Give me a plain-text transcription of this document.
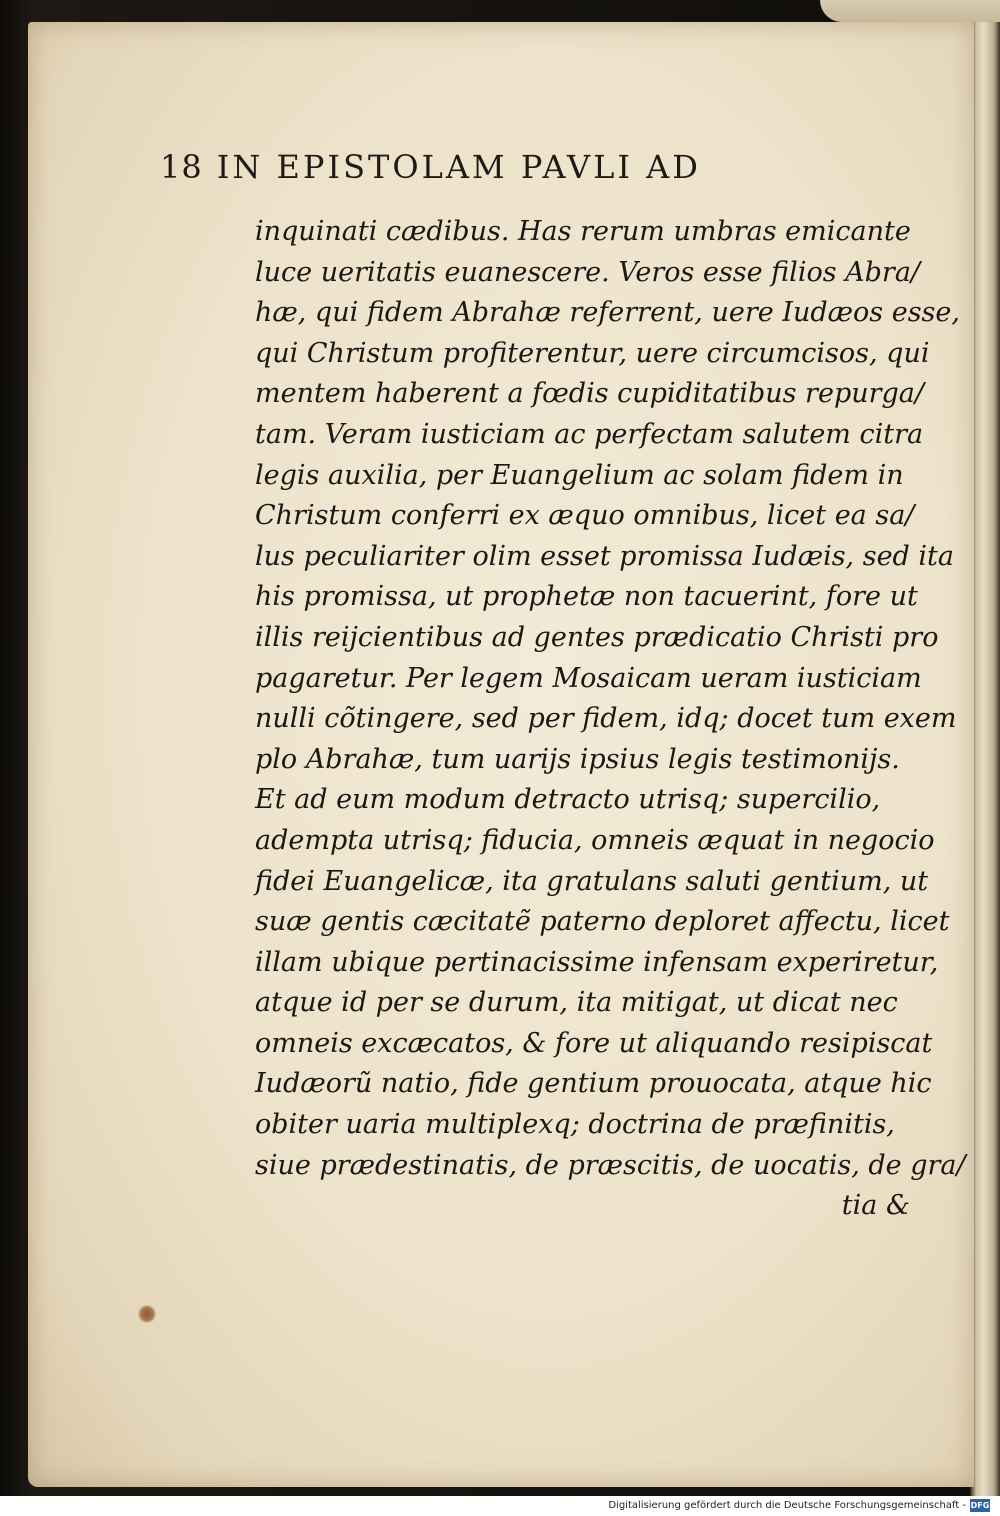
18 IN EPISTOLAM PAVLI AD
inquinati cædibus. Has rerum umbras emicante
luce ueritatis euanescere. Veros esse filios Abra/
hæ, qui fidem Abrahæ referrent, uere Iudæos esse,
qui Christum profiterentur, uere circumcisos, qui
mentem haberent a fœdis cupiditatibus repurga/
tam. Veram iusticiam ac perfectam salutem citra
legis auxilia, per Euangelium ac solam fidem in
Christum conferri ex æquo omnibus, licet ea sa/
lus peculiariter olim esset promissa Iudæis, sed ita
his promissa, ut prophetæ non tacuerint, fore ut
illis reijcientibus ad gentes prædicatio Christi pro
pagaretur. Per legem Mosaicam ueram iusticiam
nulli cõtingere, sed per fidem, idq; docet tum exem
plo Abrahæ, tum uarijs ipsius legis testimonijs.
Et ad eum modum detracto utrisq; supercilio,
adempta utrisq; fiducia, omneis æquat in negocio
fidei Euangelicæ, ita gratulans saluti gentium, ut
suæ gentis cæcitatẽ paterno deploret affectu, licet
illam ubique pertinacissime infensam experiretur,
atque id per se durum, ita mitigat, ut dicat nec
omneis excæcatos, & fore ut aliquando resipiscat
Iudæorũ natio, fide gentium prouocata, atque hic
obiter uaria multiplexq; doctrina de præfinitis,
siue prædestinatis, de præscitis, de uocatis, de gra/
tia &
Digitalisierung gefördert durch die Deutsche Forschungsgemeinschaft - DFG
